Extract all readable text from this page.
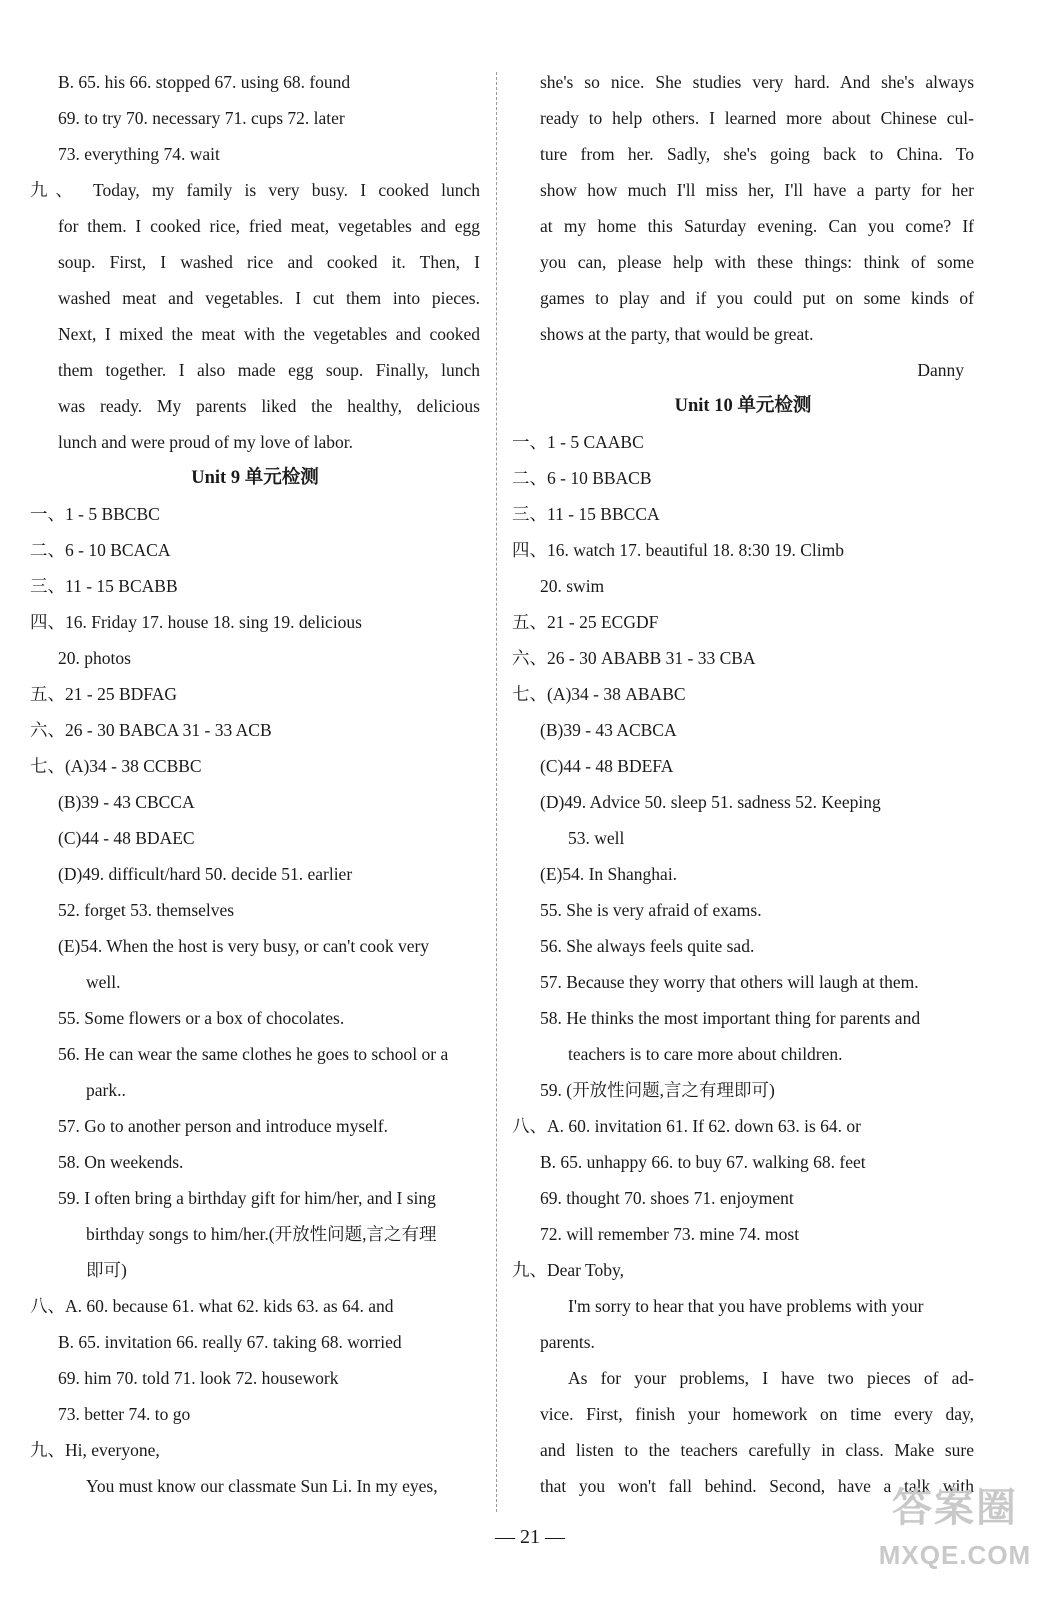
B. 65. his 66. stopped 67. using 68. found
69. to try 70. necessary 71. cups 72. later
73. everything 74. wait
九、 Today, my family is very busy. I cooked lunch
for them. I cooked rice, fried meat, vegetables and egg
soup. First, I washed rice and cooked it. Then, I
washed meat and vegetables. I cut them into pieces.
Next, I mixed the meat with the vegetables and cooked
them together. I also made egg soup. Finally, lunch
was ready. My parents liked the healthy, delicious
lunch and were proud of my love of labor.
Unit 9 单元检测
一、1 - 5 BBCBC
二、6 - 10 BCACA
三、11 - 15 BCABB
四、16. Friday 17. house 18. sing 19. delicious
20. photos
五、21 - 25 BDFAG
六、26 - 30 BABCA 31 - 33 ACB
七、(A)34 - 38 CCBBC
(B)39 - 43 CBCCA
(C)44 - 48 BDAEC
(D)49. difficult/hard 50. decide 51. earlier
52. forget 53. themselves
(E)54. When the host is very busy, or can't cook very
well.
55. Some flowers or a box of chocolates.
56. He can wear the same clothes he goes to school or a
park..
57. Go to another person and introduce myself.
58. On weekends.
59. I often bring a birthday gift for him/her, and I sing
birthday songs to him/her.(开放性问题,言之有理
即可)
八、A. 60. because 61. what 62. kids 63. as 64. and
B. 65. invitation 66. really 67. taking 68. worried
69. him 70. told 71. look 72. housework
73. better 74. to go
九、Hi, everyone,
You must know our classmate Sun Li. In my eyes,
she's so nice. She studies very hard. And she's always
ready to help others. I learned more about Chinese cul-
ture from her. Sadly, she's going back to China. To
show how much I'll miss her, I'll have a party for her
at my home this Saturday evening. Can you come? If
you can, please help with these things: think of some
games to play and if you could put on some kinds of
shows at the party, that would be great.
Danny
Unit 10 单元检测
一、1 - 5 CAABC
二、6 - 10 BBACB
三、11 - 15 BBCCA
四、16. watch 17. beautiful 18. 8:30 19. Climb
20. swim
五、21 - 25 ECGDF
六、26 - 30 ABABB 31 - 33 CBA
七、(A)34 - 38 ABABC
(B)39 - 43 ACBCA
(C)44 - 48 BDEFA
(D)49. Advice 50. sleep 51. sadness 52. Keeping
53. well
(E)54. In Shanghai.
55. She is very afraid of exams.
56. She always feels quite sad.
57. Because they worry that others will laugh at them.
58. He thinks the most important thing for parents and
teachers is to care more about children.
59. (开放性问题,言之有理即可)
八、A. 60. invitation 61. If 62. down 63. is 64. or
B. 65. unhappy 66. to buy 67. walking 68. feet
69. thought 70. shoes 71. enjoyment
72. will remember 73. mine 74. most
九、Dear Toby,
I'm sorry to hear that you have problems with your
parents.
As for your problems, I have two pieces of ad-
vice. First, finish your homework on time every day,
and listen to the teachers carefully in class. Make sure
that you won't fall behind. Second, have a talk with
— 21 —
答案圈
MXQE.COM
